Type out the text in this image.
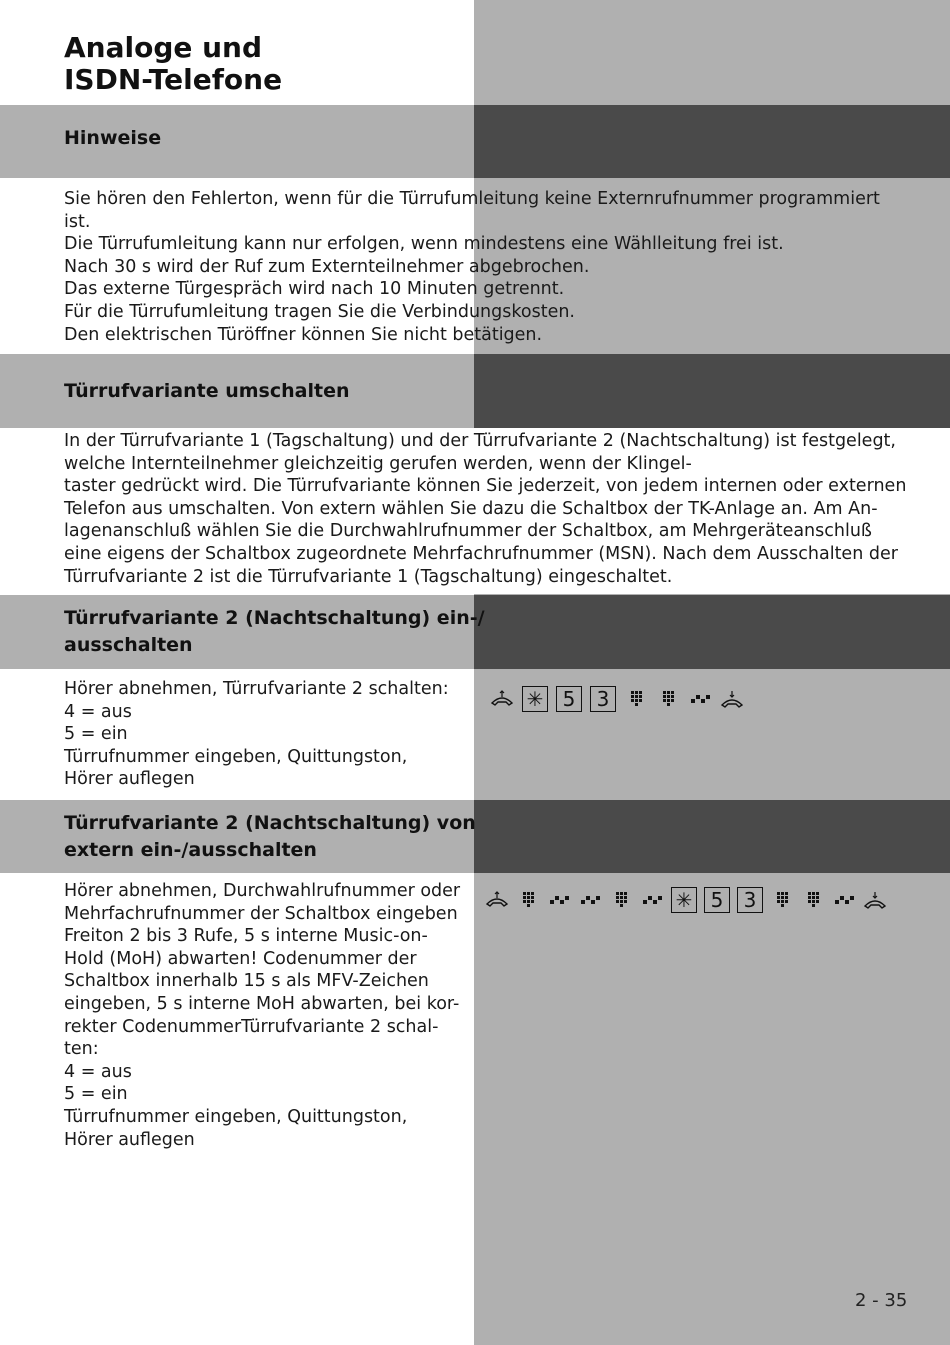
Analoge und
ISDN-Telefone
Hinweise

Sie hören den Fehlerton, wenn für die Türrufumleitung keine Externrufnummer programmiert

ist.

Die Türrufumleitung kann nur erfolgen, wenn mindestens eine Wählleitung frei ist.

Nach 30 s wird der Ruf zum Externteilnehmer abgebrochen.

Das externe Türgespräch wird nach 10 Minuten getrennt.

Für die Türrufumleitung tragen Sie die Verbindungskosten.

Den elektrischen Türöffner können Sie nicht betätigen.

Türrufvariante umschalten

In der Türrufvariante 1 (Tagschaltung) und der Türrufvariante 2 (Nachtschaltung) ist festgelegt,

welche Internteilnehmer gleichzeitig gerufen werden, wenn der Klingel-

taster gedrückt wird. Die Türrufvariante können Sie jederzeit, von jedem internen oder externen

Telefon aus umschalten. Von extern wählen Sie dazu die Schaltbox der TK-Anlage an. Am An-

lagenanschluß wählen Sie die Durchwahlrufnummer der Schaltbox, am Mehrgeräteanschluß

eine eigens der Schaltbox zugeordnete Mehrfachrufnummer (MSN). Nach dem Ausschalten der

Türrufvariante 2 ist die Türrufvariante 1 (Tagschaltung) eingeschaltet.

Türrufvariante 2 (Nachtschaltung) ein-/
ausschalten

Hörer abnehmen, Türrufvariante 2 schalten:

4 = aus

5 = ein

Türrufnummer eingeben, Quittungston,

Hörer auflegen

✳ 5	3
Türrufvariante 2 (Nachtschaltung) von
extern ein-/ausschalten

Hörer abnehmen, Durchwahlrufnummer oder

Mehrfachrufnummer der Schaltbox eingeben

Freiton 2 bis 3 Rufe, 5 s interne Music-on-

Hold (MoH) abwarten! Codenummer der

Schaltbox innerhalb 15 s als MFV-Zeichen

eingeben, 5 s interne MoH abwarten, bei kor-

rekter CodenummerTürrufvariante 2 schal-

ten:

4 = aus

5 = ein

Türrufnummer eingeben, Quittungston,

Hörer auflegen

✳ 5	3
2 - 35
